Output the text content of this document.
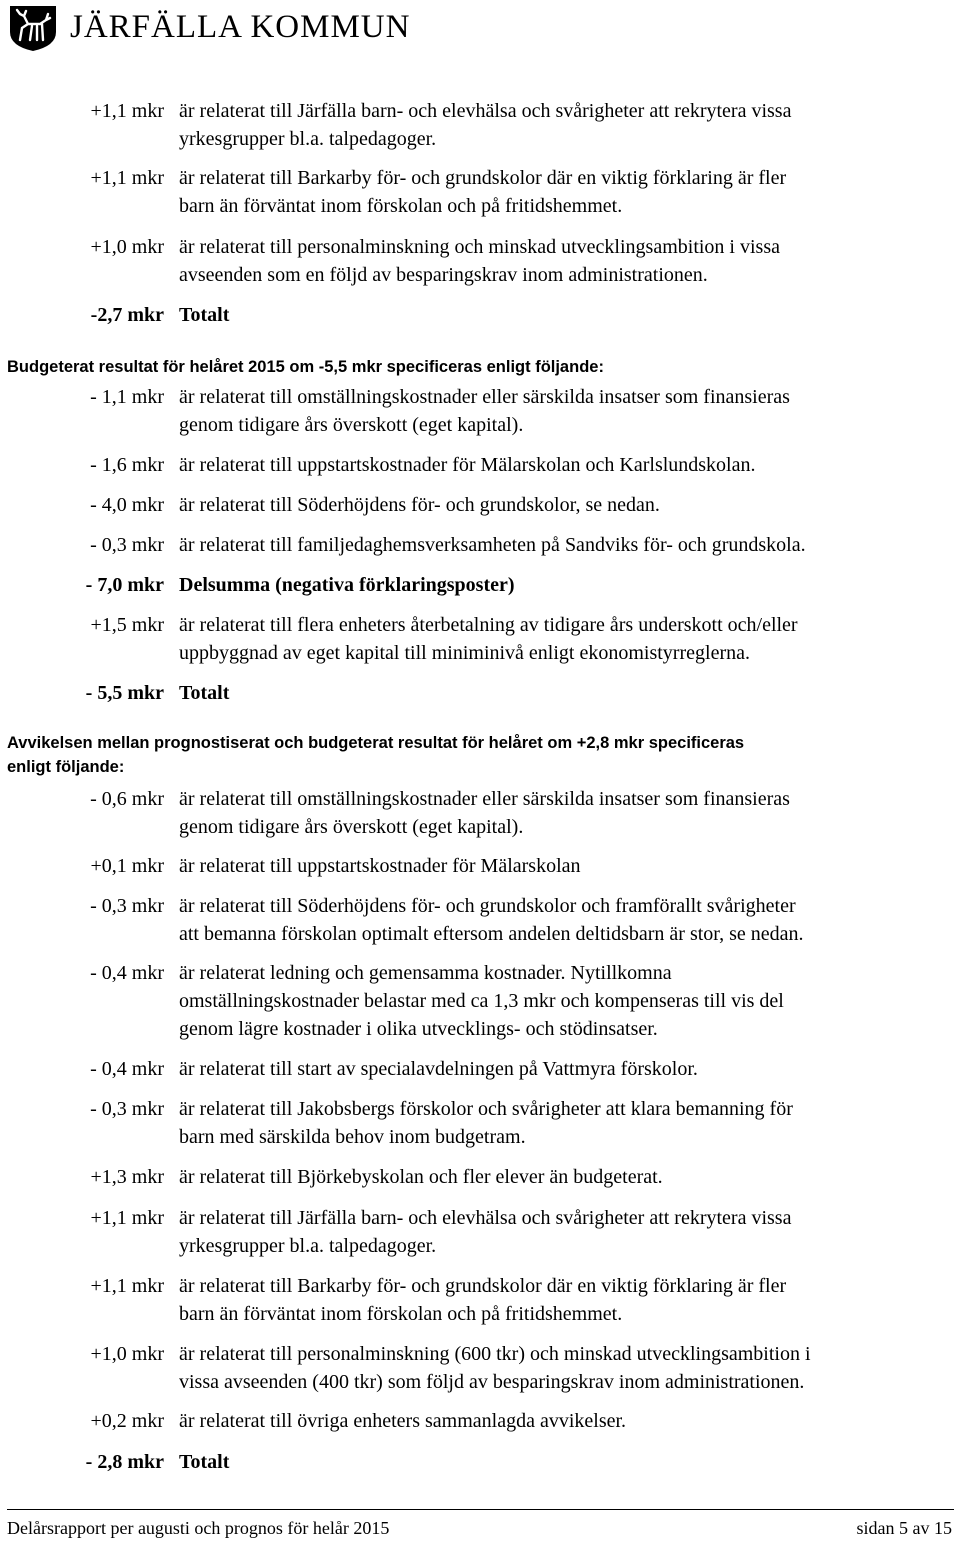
JÄRFÄLLA KOMMUN
+1,1 mkr är relaterat till Järfälla barn- och elevhälsa och svårigheter att rekrytera vissa
yrkesgrupper bl.a. talpedagoger.
+1,1 mkr är relaterat till Barkarby för- och grundskolor där en viktig förklaring är fler
barn än förväntat inom förskolan och på fritidshemmet.
+1,0 mkr är relaterat till personalminskning och minskad utvecklingsambition i vissa
avseenden som en följd av besparingskrav inom administrationen.
-2,7 mkr Totalt
Budgeterat resultat för helåret 2015 om -5,5 mkr specificeras enligt följande:
- 1,1 mkr är relaterat till omställningskostnader eller särskilda insatser som finansieras
genom tidigare års överskott (eget kapital).
- 1,6 mkr är relaterat till uppstartskostnader för Mälarskolan och Karlslundskolan.
- 4,0 mkr är relaterat till Söderhöjdens för- och grundskolor, se nedan.
- 0,3 mkr är relaterat till familjedaghemsverksamheten på Sandviks för- och grundskola.
- 7,0 mkr Delsumma (negativa förklaringsposter)
+1,5 mkr är relaterat till flera enheters återbetalning av tidigare års underskott och/eller
uppbyggnad av eget kapital till miniminivå enligt ekonomistyrreglerna.
- 5,5 mkr Totalt
Avvikelsen mellan prognostiserat och budgeterat resultat för helåret om +2,8 mkr specificeras
enligt följande:
- 0,6 mkr är relaterat till omställningskostnader eller särskilda insatser som finansieras
genom tidigare års överskott (eget kapital).
+0,1 mkr är relaterat till uppstartskostnader för Mälarskolan
- 0,3 mkr är relaterat till Söderhöjdens för- och grundskolor och framförallt svårigheter
att bemanna förskolan optimalt eftersom andelen deltidsbarn är stor, se nedan.
- 0,4 mkr är relaterat ledning och gemensamma kostnader. Nytillkomna
omställningskostnader belastar med ca 1,3 mkr och kompenseras till vis del
genom lägre kostnader i olika utvecklings- och stödinsatser.
- 0,4 mkr är relaterat till start av specialavdelningen på Vattmyra förskolor.
- 0,3 mkr är relaterat till Jakobsbergs förskolor och svårigheter att klara bemanning för
barn med särskilda behov inom budgetram.
+1,3 mkr är relaterat till Björkebyskolan och fler elever än budgeterat.
+1,1 mkr är relaterat till Järfälla barn- och elevhälsa och svårigheter att rekrytera vissa
yrkesgrupper bl.a. talpedagoger.
+1,1 mkr är relaterat till Barkarby för- och grundskolor där en viktig förklaring är fler
barn än förväntat inom förskolan och på fritidshemmet.
+1,0 mkr är relaterat till personalminskning (600 tkr) och minskad utvecklingsambition i
vissa avseenden (400 tkr) som följd av besparingskrav inom administrationen.
+0,2 mkr är relaterat till övriga enheters sammanlagda avvikelser.
- 2,8 mkr Totalt
Delårsrapport per augusti och prognos för helår 2015	sidan 5 av 15
